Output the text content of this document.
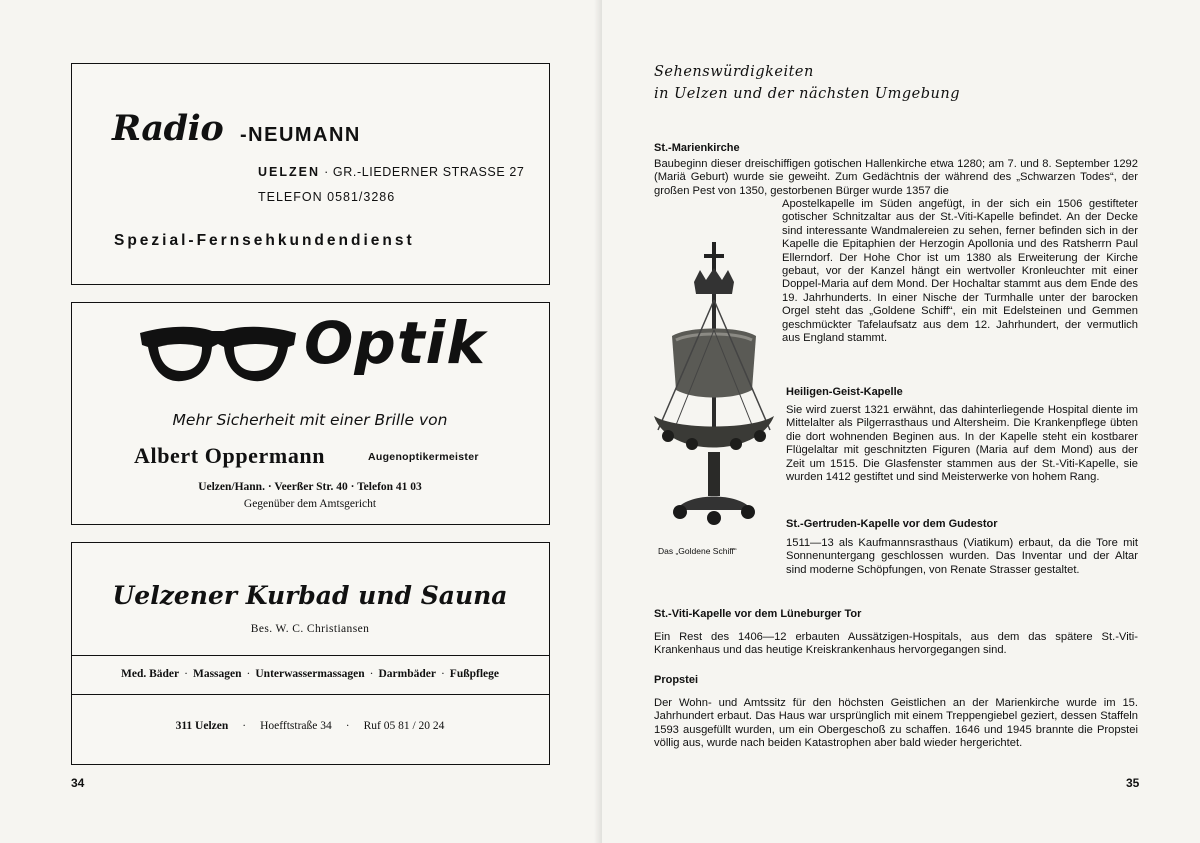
Radio -NEUMANN
UELZEN · GR.-LIEDERNER STRASSE 27
TELEFON 0581/3286
Spezial-Fernsehkundendienst
Optik
Mehr Sicherheit mit einer Brille von
Albert Oppermann	Augenoptikermeister
Uelzen/Hann. · Veerßer Str. 40 · Telefon 41 03
Gegenüber dem Amtsgericht
Uelzener Kurbad und Sauna
Bes. W. C. Christiansen
Med. Bäder · Massagen · Unterwassermassagen · Darmbäder · Fußpflege
311 Uelzen · Hoefftstraße 34 · Ruf 05 81 / 20 24
34
Sehenswürdigkeiten
in Uelzen und der nächsten Umgebung
St.-Marienkirche
Baubeginn dieser dreischiffigen gotischen Hallenkirche etwa 1280; am 7. und 8. September 1292 (Mariä Geburt) wurde sie geweiht. Zum Gedächtnis der während des „Schwarzen Todes“, der großen Pest von 1350, gestorbenen Bürger wurde 1357 die
Apostelkapelle im Süden angefügt, in der sich ein 1506 gestifteter gotischer Schnitzaltar aus der St.-Viti-Kapelle befindet. An der Decke sind interessante Wandmalereien zu sehen, ferner befinden sich in der Kapelle die Epitaphien der Herzogin Apollonia und des Ratsherrn Paul Ellerndorf. Der Hohe Chor ist um 1380 als Erweiterung der Kirche gebaut, vor der Kanzel hängt ein wertvoller Kronleuchter mit einer Doppel-Maria auf dem Mond. Der Hochaltar stammt aus dem Ende des 19. Jahrhunderts. In einer Nische der Turmhalle unter der barocken Orgel steht das „Goldene Schiff“, ein mit Edelsteinen und Gemmen geschmückter Tafelaufsatz aus dem 12. Jahrhundert, der vermutlich aus England stammt.
Heiligen-Geist-Kapelle
Sie wird zuerst 1321 erwähnt, das dahinterliegende Hospital diente im Mittelalter als Pilgerrasthaus und Altersheim. Die Krankenpflege übten die dort wohnenden Beginen aus. In der Kapelle steht ein kostbarer Flügelaltar mit geschnitzten Figuren (Maria auf dem Mond) aus der Zeit um 1515. Die Glasfenster stammen aus der St.-Viti-Kapelle, sie wurden 1412 gestiftet und sind Meisterwerke von hohem Rang.
St.-Gertruden-Kapelle vor dem Gudestor
1511—13 als Kaufmannsrasthaus (Viatikum) erbaut, da die Tore mit Sonnenuntergang geschlossen wurden. Das Inventar und der Altar sind moderne Schöpfungen, von Renate Strasser gestaltet.
St.-Viti-Kapelle vor dem Lüneburger Tor
Ein Rest des 1406—12 erbauten Aussätzigen-Hospitals, aus dem das spätere St.-Viti-Krankenhaus und das heutige Kreiskrankenhaus hervorgegangen sind.
Propstei
Der Wohn- und Amtssitz für den höchsten Geistlichen an der Marienkirche wurde im 15. Jahrhundert erbaut. Das Haus war ursprünglich mit einem Treppengiebel geziert, dessen Staffeln 1593 ausgefüllt wurden, um ein Obergeschoß zu schaffen. 1646 und 1945 brannte die Propstei völlig aus, wurde nach beiden Katastrophen aber bald wieder hergerichtet.
Das „Goldene Schiff“
35
